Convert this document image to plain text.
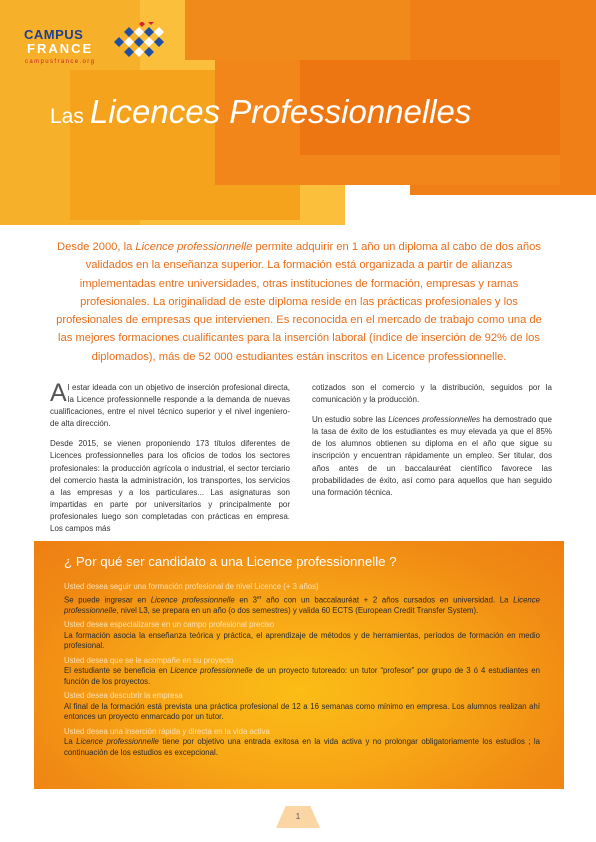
CAMPUS
FRANCE
campusfrance.org
Las Licences Professionnelles

Desde 2000, la Licence professionnelle permite adquirir en 1 año un diploma al cabo de dos años validados en la enseñanza superior. La formación está organizada a partir de alianzas implementadas entre universidades, otras instituciones de formación, empresas y ramas profesionales. La originalidad de este diploma reside en las prácticas profesionales y los profesionales de empresas que intervienen. Es reconocida en el mercado de trabajo como una de las mejores formaciones cualificantes para la inserción laboral (índice de inserción de 92% de los diplomados), más de 52 000 estudiantes están inscritos en Licence professionnelle.

Al estar ideada con un objetivo de inserción profesional directa, la Licence professionnelle responde a la demanda de nuevas cualificaciones, entre el nivel técnico superior y el nivel ingeniero-de alta dirección.

Desde 2015, se vienen proponiendo 173 títulos diferentes de Licences professionnelles para los oficios de todos los sectores profesionales: la producción agrícola o industrial, el sector terciario del comercio hasta la administración, los transportes, los servicios a las empresas y a los particulares... Las asignaturas son impartidas en parte por universitarios y principalmente por profesionales luego son completadas con prácticas en empresa. Los campos más

cotizados son el comercio y la distribución, seguidos por la comunicación y la producción.

Un estudio sobre las Licences professionnelles ha demostrado que la tasa de éxito de los estudiantes es muy elevada ya que el 85% de los alumnos obtienen su diploma en el año que sigue su inscripción y encuentran rápidamente un empleo. Ser titular, dos años antes de un baccalauréat científico favorece las probabilidades de éxito, así como para aquellos que han seguido una formación técnica.

¿ Por qué ser candidato a una Licence professionnelle ?
Usted desea seguir una formación profesional de nivel Licence (+ 3 años)
Se puede ingresar en Licence professionnelle en 3er año con un baccalauréat + 2 años cursados en universidad. La Licence professionnelle, nivel L3, se prepara en un año (o dos semestres) y valida 60 ECTS (European Credit Transfer System).
Usted desea especializarse en un campo profesional preciso
La formación asocia la enseñanza teórica y práctica, el aprendizaje de métodos y de herramientas, períodos de formación en medio profesional.
Usted desea que se le acompañe en su proyecto
El estudiante se beneficia en Licence professionnelle de un proyecto tutoreado: un tutor “profesor” por grupo de 3 ó 4 estudiantes en función de los proyectos.
Usted desea descubrir la empresa
Al final de la formación está prevista una práctica profesional de 12 a 16 semanas como mínimo en empresa. Los alumnos realizan ahí entonces un proyecto enmarcado por un tutor.
Usted desea una inserción rápida y directa en la vida activa
La Licence professionnelle tiene por objetivo una entrada exitosa en la vida activa y no prolongar obligatoriamente los estudios ; la continuación de los estudios es excepcional.
1
